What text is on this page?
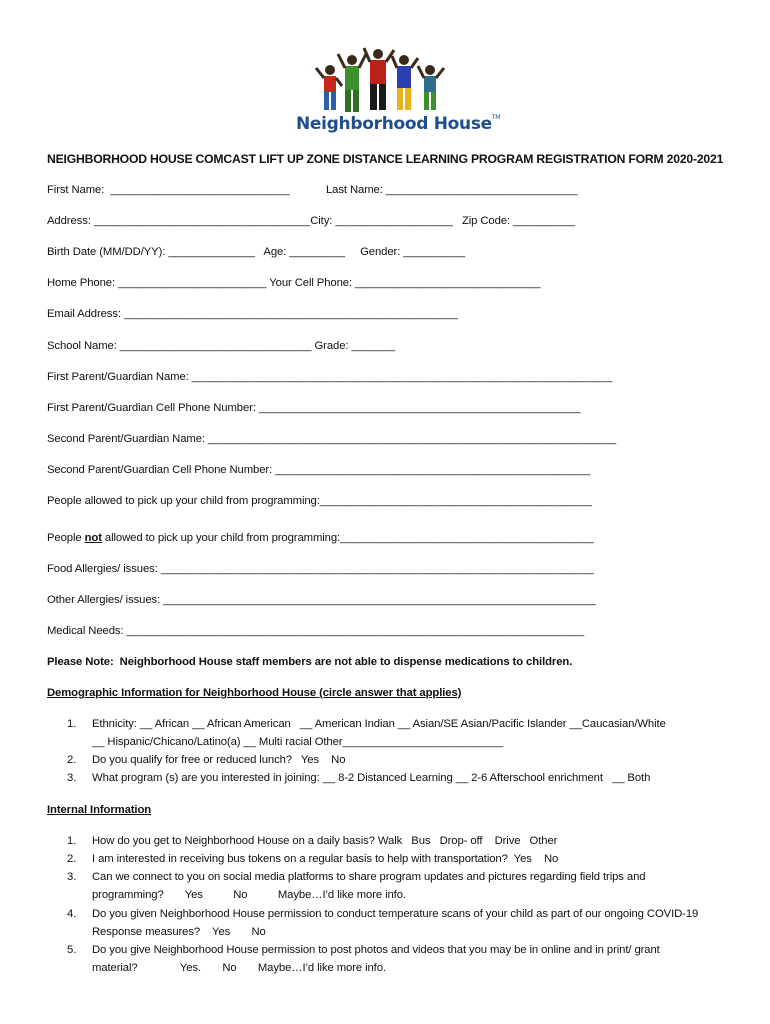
Neighborhood House™
NEIGHBORHOOD HOUSE COMCAST LIFT UP ZONE DISTANCE LEARNING PROGRAM REGISTRATION FORM 2020-2021
First Name:  _____________________________	Last Name: _______________________________
Address: ___________________________________City: ___________________   Zip Code: __________
Birth Date (MM/DD/YY): ______________   Age: _________     Gender: __________
Home Phone: ________________________ Your Cell Phone: ______________________________
Email Address: ______________________________________________________
School Name: _______________________________ Grade: _______
First Parent/Guardian Name: ____________________________________________________________________
First Parent/Guardian Cell Phone Number: ____________________________________________________
Second Parent/Guardian Name: __________________________________________________________________
Second Parent/Guardian Cell Phone Number: ___________________________________________________
People allowed to pick up your child from programming:____________________________________________
People not allowed to pick up your child from programming:_________________________________________
Food Allergies/ issues: ______________________________________________________________________
Other Allergies/ issues: ______________________________________________________________________
Medical Needs: __________________________________________________________________________
Please Note:  Neighborhood House staff members are not able to dispense medications to children.
Demographic Information for Neighborhood House (circle answer that applies)
1. Ethnicity: __ African __ African American   __ American Indian __ Asian/SE Asian/Pacific Islander __Caucasian/White
__ Hispanic/Chicano/Latino(a) __ Multi racial Other__________________________
2. Do you qualify for free or reduced lunch?   Yes    No
3. What program (s) are you interested in joining: __ 8-2 Distanced Learning __ 2-6 Afterschool enrichment   __ Both
Internal Information
1. How do you get to Neighborhood House on a daily basis? Walk   Bus   Drop- off    Drive   Other
2. I am interested in receiving bus tokens on a regular basis to help with transportation?  Yes    No
3. Can we connect to you on social media platforms to share program updates and pictures regarding field trips and
programming?       Yes          No          Maybe…I’d like more info.
4. Do you given Neighborhood House permission to conduct temperature scans of your child as part of our ongoing COVID-19
Response measures?    Yes       No
5. Do you give Neighborhood House permission to post photos and videos that you may be in online and in print/ grant
material?              Yes.       No       Maybe…I’d like more info.
